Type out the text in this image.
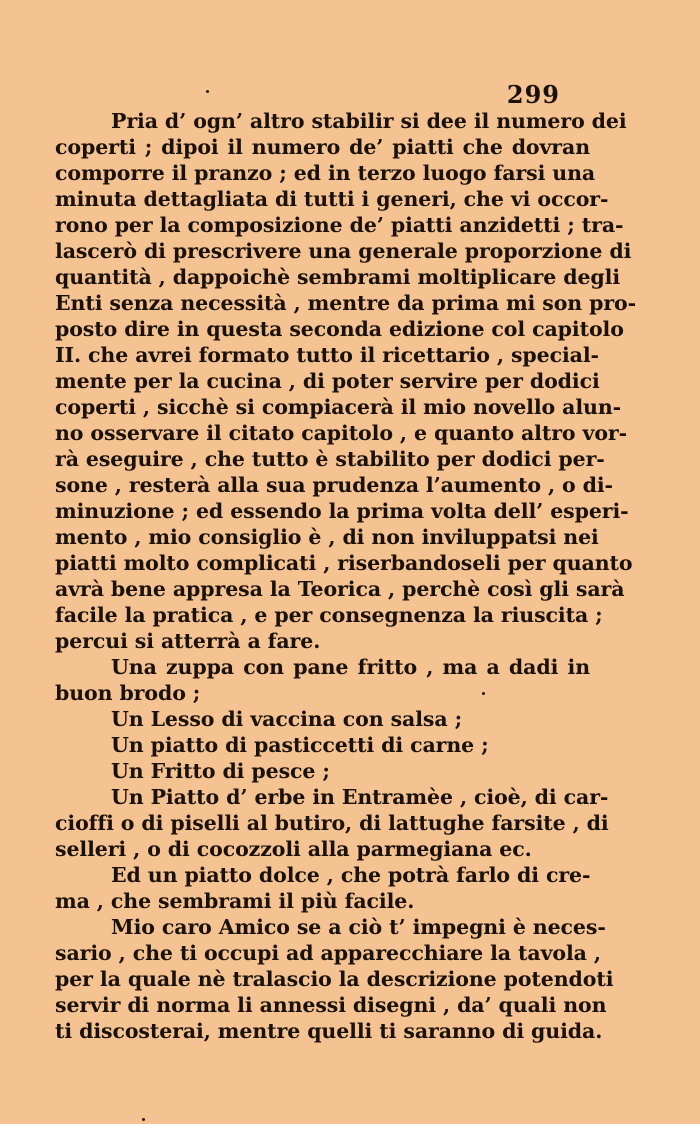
299
Pria d’ ogn’ altro stabilir si dee il numero dei
coperti ; dipoi il numero de’ piatti che dovran
comporre il pranzo ; ed in terzo luogo farsi una
minuta dettagliata di tutti i generi, che vi occor-
rono per la composizione de’ piatti anzidetti ; tra-
lascerò di prescrivere una generale proporzione di
quantità , dappoichè sembrami moltiplicare degli
Enti senza necessità , mentre da prima mi son pro-
posto dire in questa seconda edizione col capitolo
II. che avrei formato tutto il ricettario , special-
mente per la cucina , di poter servire per dodici
coperti , sicchè si compiacerà il mio novello alun-
no osservare il citato capitolo , e quanto altro vor-
rà eseguire , che tutto è stabilito per dodici per-
sone , resterà alla sua prudenza l’aumento , o di-
minuzione ; ed essendo la prima volta dell’ esperi-
mento , mio consiglio è , di non inviluppatsi nei
piatti molto complicati , riserbandoseli per quanto
avrà bene appresa la Teorica , perchè così gli sarà
facile la pratica , e per consegnenza la riuscita ;
percui si atterrà a fare.
Una zuppa con pane fritto , ma a dadi in
buon brodo ;
Un Lesso di vaccina con salsa ;
Un piatto di pasticcetti di carne ;
Un Fritto di pesce ;
Un Piatto d’ erbe in Entramèe , cioè, di car-
cioffi o di piselli al butiro, di lattughe farsite , di
selleri , o di cocozzoli alla parmegiana ec.
Ed un piatto dolce , che potrà farlo di cre-
ma , che sembrami il più facile.
Mio caro Amico se a ciò t’ impegni è neces-
sario , che ti occupi ad apparecchiare la tavola ,
per la quale nè tralascio la descrizione potendoti
servir di norma li annessi disegni , da’ quali non
ti discosterai, mentre quelli ti saranno di guida.
